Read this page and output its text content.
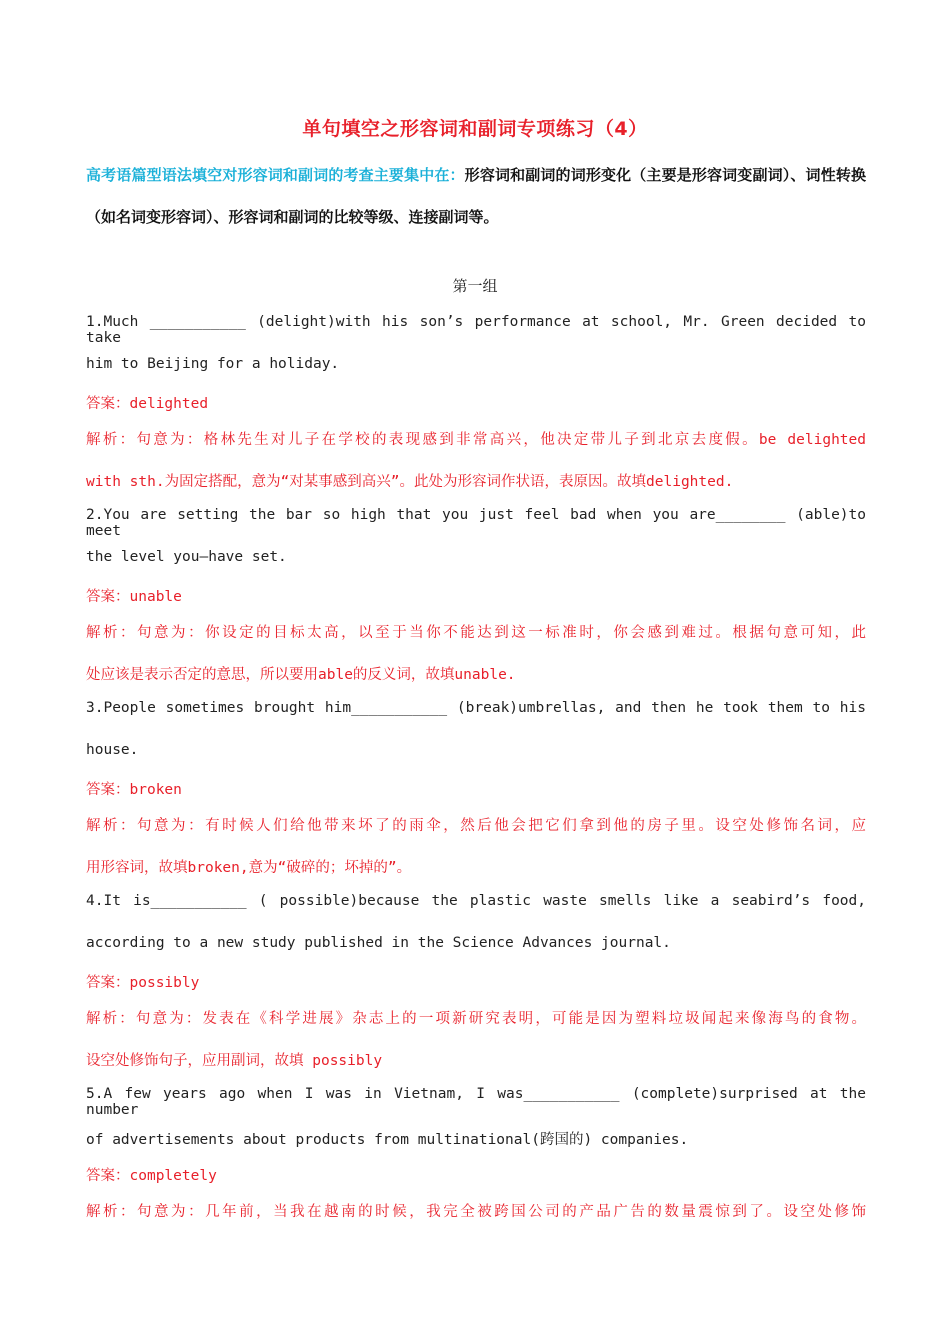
单句填空之形容词和副词专项练习（4）
高考语篇型语法填空对形容词和副词的考查主要集中在：形容词和副词的词形变化（主要是形容词变副词）、词性转换（如名词变形容词）、形容词和副词的比较等级、连接副词等。
第一组
1.Much ___________ (delight)with his son’s performance at school, Mr. Green decided to take
him to Beijing for a holiday.
答案：delighted
解析：句意为：格林先生对儿子在学校的表现感到非常高兴，他决定带儿子到北京去度假。be delighted
with sth.为固定搭配，意为“对某事感到高兴”。此处为形容词作状语，表原因。故填delighted.
2.You are setting the bar so high that you just feel bad when you are________ (able)to meet
the level you—have set.
答案：unable
解析：句意为：你设定的目标太高，以至于当你不能达到这一标准时，你会感到难过。根据句意可知，此
处应该是表示否定的意思，所以要用able的反义词，故填unable.
3.People sometimes brought him___________ (break)umbrellas, and then he took them to his
house.
答案：broken
解析：句意为：有时候人们给他带来坏了的雨伞，然后他会把它们拿到他的房子里。设空处修饰名词，应
用形容词，故填broken,意为“破碎的；坏掉的”。
4.It is___________ ( possible)because the plastic waste smells like a seabird’s food,
according to a new study published in the Science Advances journal.
答案：possibly
解析：句意为：发表在《科学进展》杂志上的一项新研究表明，可能是因为塑料垃圾闻起来像海鸟的食物。
设空处修饰句子，应用副词，故填 possibly
5.A few years ago when I was in Vietnam, I was___________ (complete)surprised at the number
of advertisements about products from multinational(跨国的) companies.
答案：completely
解析：句意为：几年前，当我在越南的时候，我完全被跨国公司的产品广告的数量震惊到了。设空处修饰
